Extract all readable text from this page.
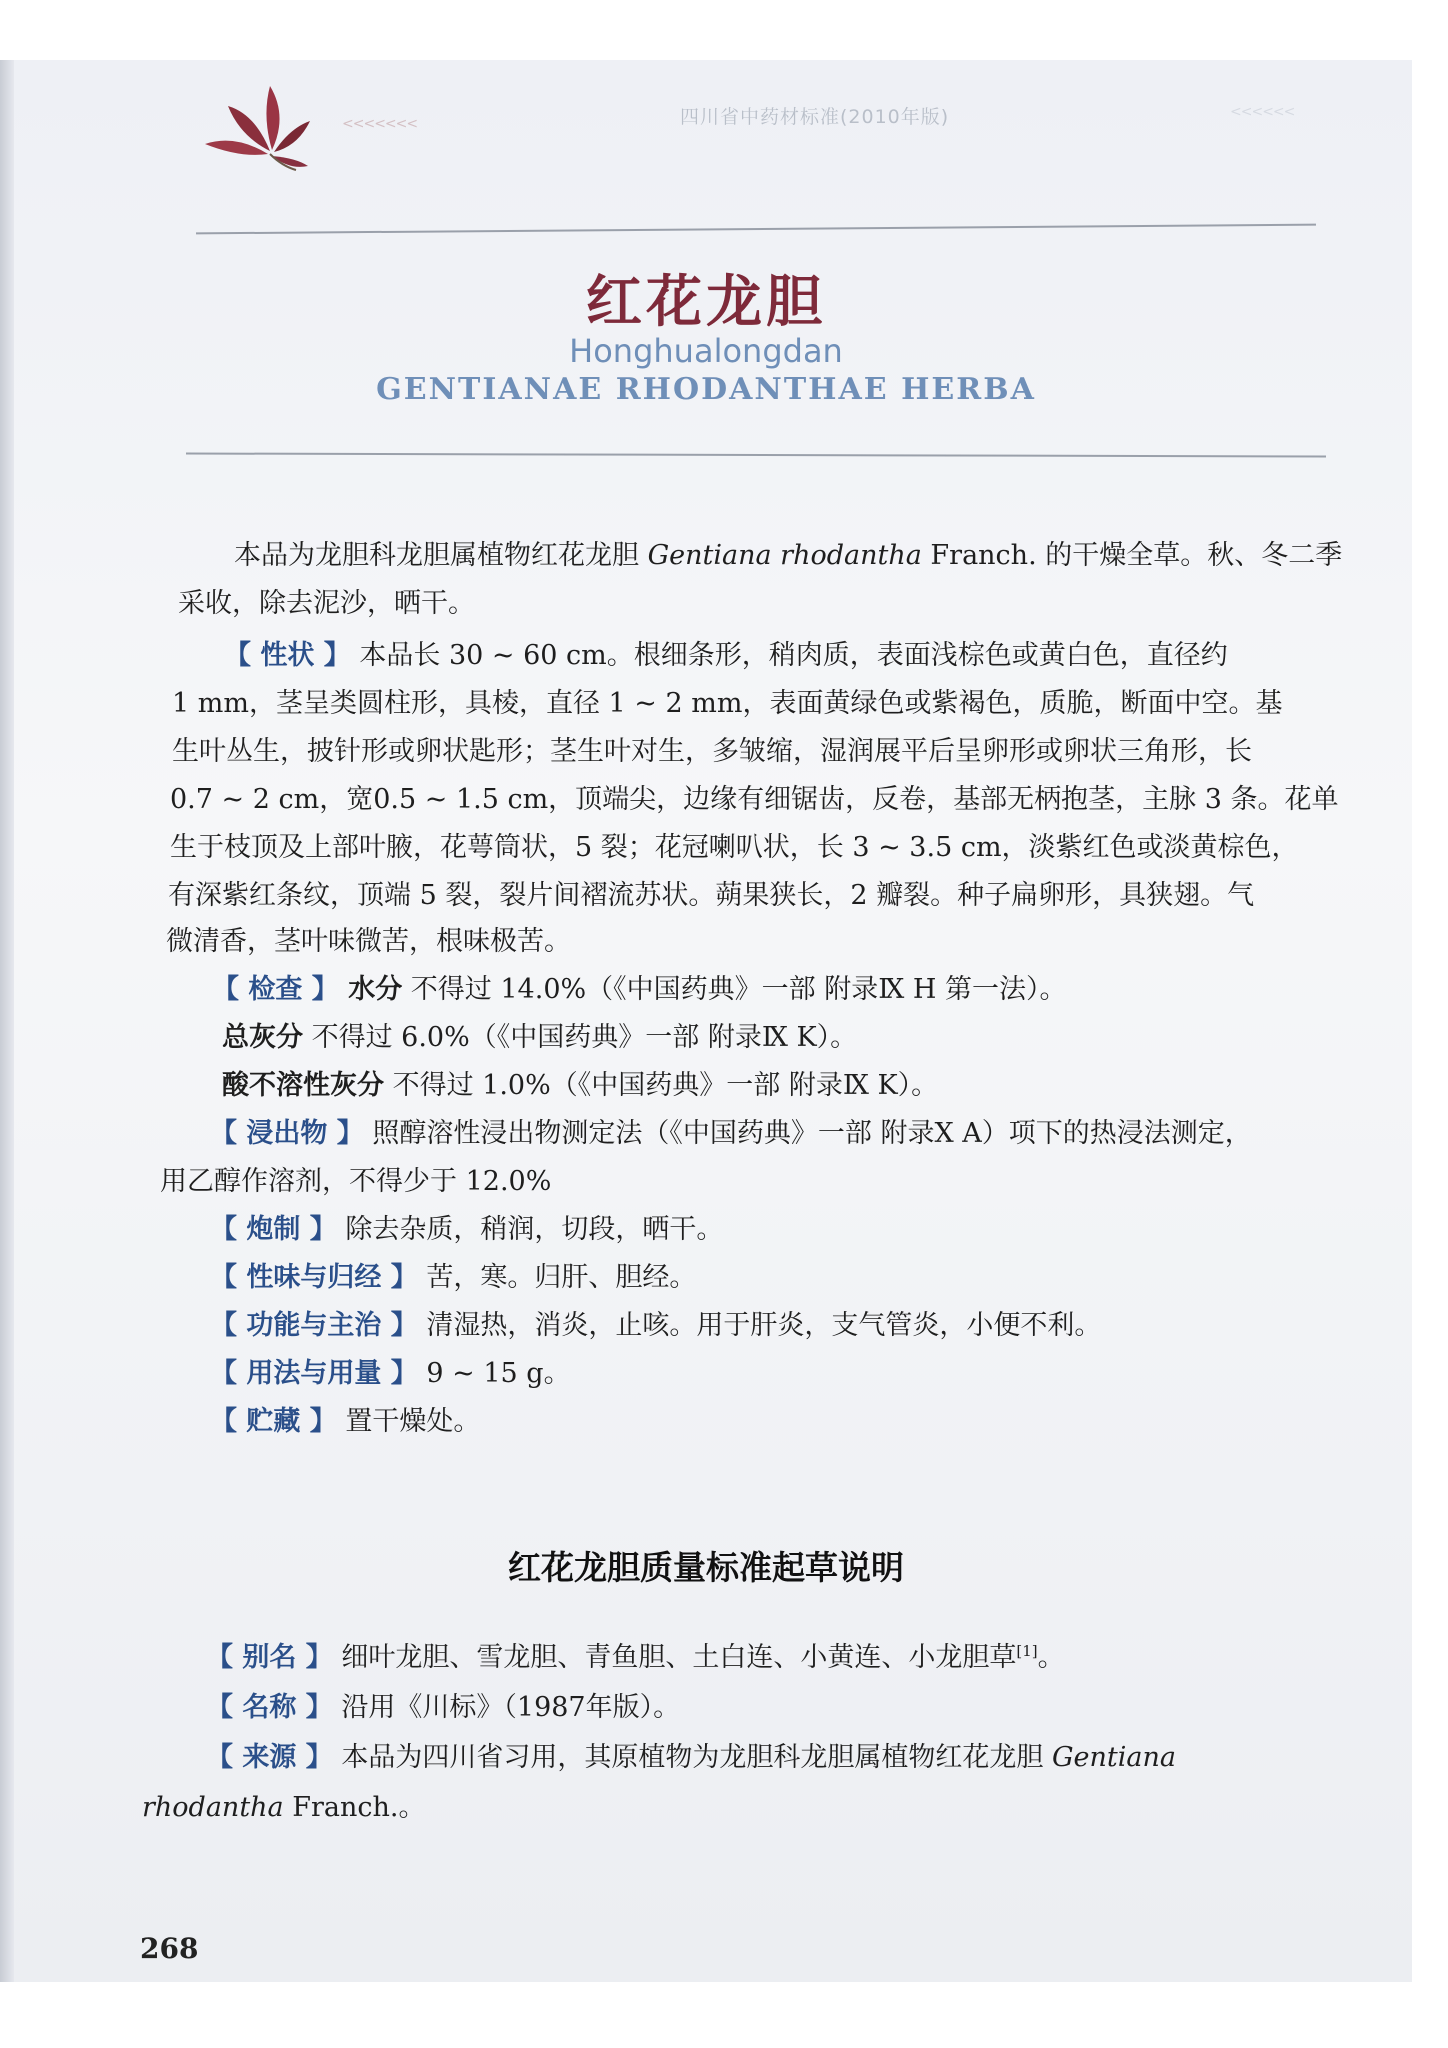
<<<<<<<	四川省中药材标准(2010年版)	<<<<<<
红花龙胆
Honghualongdan
GENTIANAE RHODANTHAE HERBA
本品为龙胆科龙胆属植物红花龙胆 Gentiana rhodantha Franch. 的干燥全草。秋、冬二季
采收，除去泥沙，晒干。
【 性状 】 本品长 30 ~ 60 cm。根细条形，稍肉质，表面浅棕色或黄白色，直径约
1 mm，茎呈类圆柱形，具棱，直径 1 ~ 2 mm，表面黄绿色或紫褐色，质脆，断面中空。基
生叶丛生，披针形或卵状匙形；茎生叶对生，多皱缩，湿润展平后呈卵形或卵状三角形，长
0.7 ~ 2 cm，宽0.5 ~ 1.5 cm，顶端尖，边缘有细锯齿，反卷，基部无柄抱茎，主脉 3 条。花单
生于枝顶及上部叶腋，花萼筒状，5 裂；花冠喇叭状，长 3 ~ 3.5 cm，淡紫红色或淡黄棕色，
有深紫红条纹，顶端 5 裂，裂片间褶流苏状。蒴果狭长，2 瓣裂。种子扁卵形，具狭翅。气
微清香，茎叶味微苦，根味极苦。
【 检查 】 水分 不得过 14.0%（《中国药典》一部 附录Ⅸ H 第一法）。
总灰分 不得过 6.0%（《中国药典》一部 附录Ⅸ K）。
酸不溶性灰分 不得过 1.0%（《中国药典》一部 附录Ⅸ K）。
【 浸出物 】 照醇溶性浸出物测定法（《中国药典》一部 附录Ⅹ A）项下的热浸法测定，
用乙醇作溶剂，不得少于 12.0%
【 炮制 】 除去杂质，稍润，切段，晒干。
【 性味与归经 】 苦，寒。归肝、胆经。
【 功能与主治 】 清湿热，消炎，止咳。用于肝炎，支气管炎，小便不利。
【 用法与用量 】 9 ~ 15 g。
【 贮藏 】 置干燥处。
红花龙胆质量标准起草说明
【 别名 】 细叶龙胆、雪龙胆、青鱼胆、土白连、小黄连、小龙胆草[1]。
【 名称 】 沿用《川标》（1987年版）。
【 来源 】 本品为四川省习用，其原植物为龙胆科龙胆属植物红花龙胆 Gentiana
rhodantha Franch.。
268
